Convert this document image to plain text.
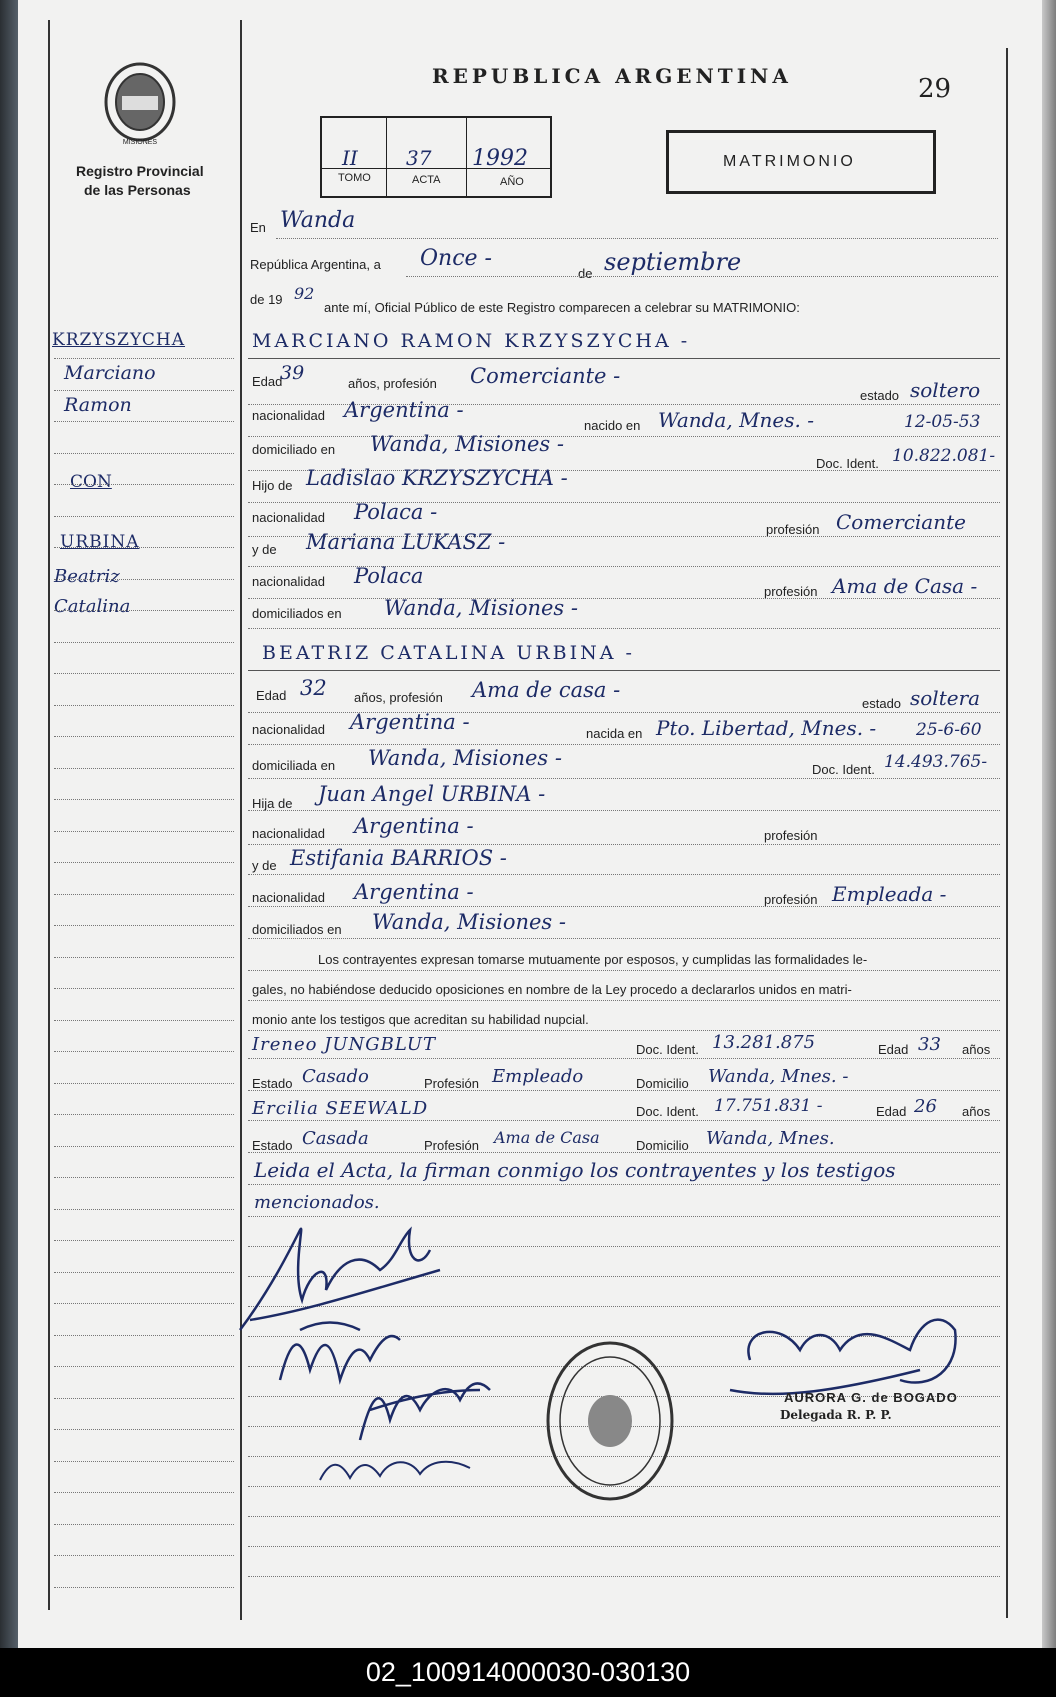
MISIONES
Registro Provincial
de las Personas
REPUBLICA ARGENTINA	29
II
TOMO
37
ACTA
1992
AÑO
MATRIMONIO
En Wanda
República Argentina, a Once -
de septiembre
de 19 92
ante mí, Oficial Público de este Registro comparecen a celebrar su MATRIMONIO:
KRZYSZYCHA
Marciano
Ramon
CON
URBINA
Beatriz
Catalina
MARCIANO RAMON KRZYSZYCHA -
Edad
39	años, profesión Comerciante -
estado soltero
nacionalidad Argentina -
nacido en Wanda, Mnes. -	12-05-53
domiciliado en Wanda, Misiones -
Doc. Ident. 10.822.081-
Hijo de Ladislao KRZYSZYCHA -
nacionalidad Polaca -
profesión Comerciante
y de Mariana LUKASZ -
nacionalidad Polaca
profesión Ama de Casa -
domiciliados en Wanda, Misiones -
BEATRIZ CATALINA URBINA -
Edad 32 años, profesión Ama de casa -
estado soltera
nacionalidad Argentina -	nacida en Pto. Libertad, Mnes. - 25-6-60
domiciliada en Wanda, Misiones -	Doc. Ident. 14.493.765-
Hija de Juan Angel URBINA -
nacionalidad Argentina -	profesión
y de Estifania BARRIOS -
nacionalidad Argentina -	profesión Empleada -
domiciliados en Wanda, Misiones -
Los contrayentes expresan tomarse mutuamente por esposos, y cumplidas las formalidades le-
gales, no habiéndose deducido oposiciones en nombre de la Ley procedo a declararlos unidos en matri-
monio ante los testigos que acreditan su habilidad nupcial.
Ireneo JUNGBLUT	Doc. Ident. 13.281.875	Edad 33 años
Estado Casado	Profesión Empleado	Domicilio Wanda, Mnes. -
Ercilia SEEWALD	Doc. Ident. 17.751.831 -	Edad 26 años
Estado Casada	Profesión Ama de Casa	Domicilio Wanda, Mnes.
Leida el Acta, la firman conmigo los contrayentes y los testigos
mencionados.
AURORA G. de BOGADO
Delegada R. P. P.
02_100914000030-030130
